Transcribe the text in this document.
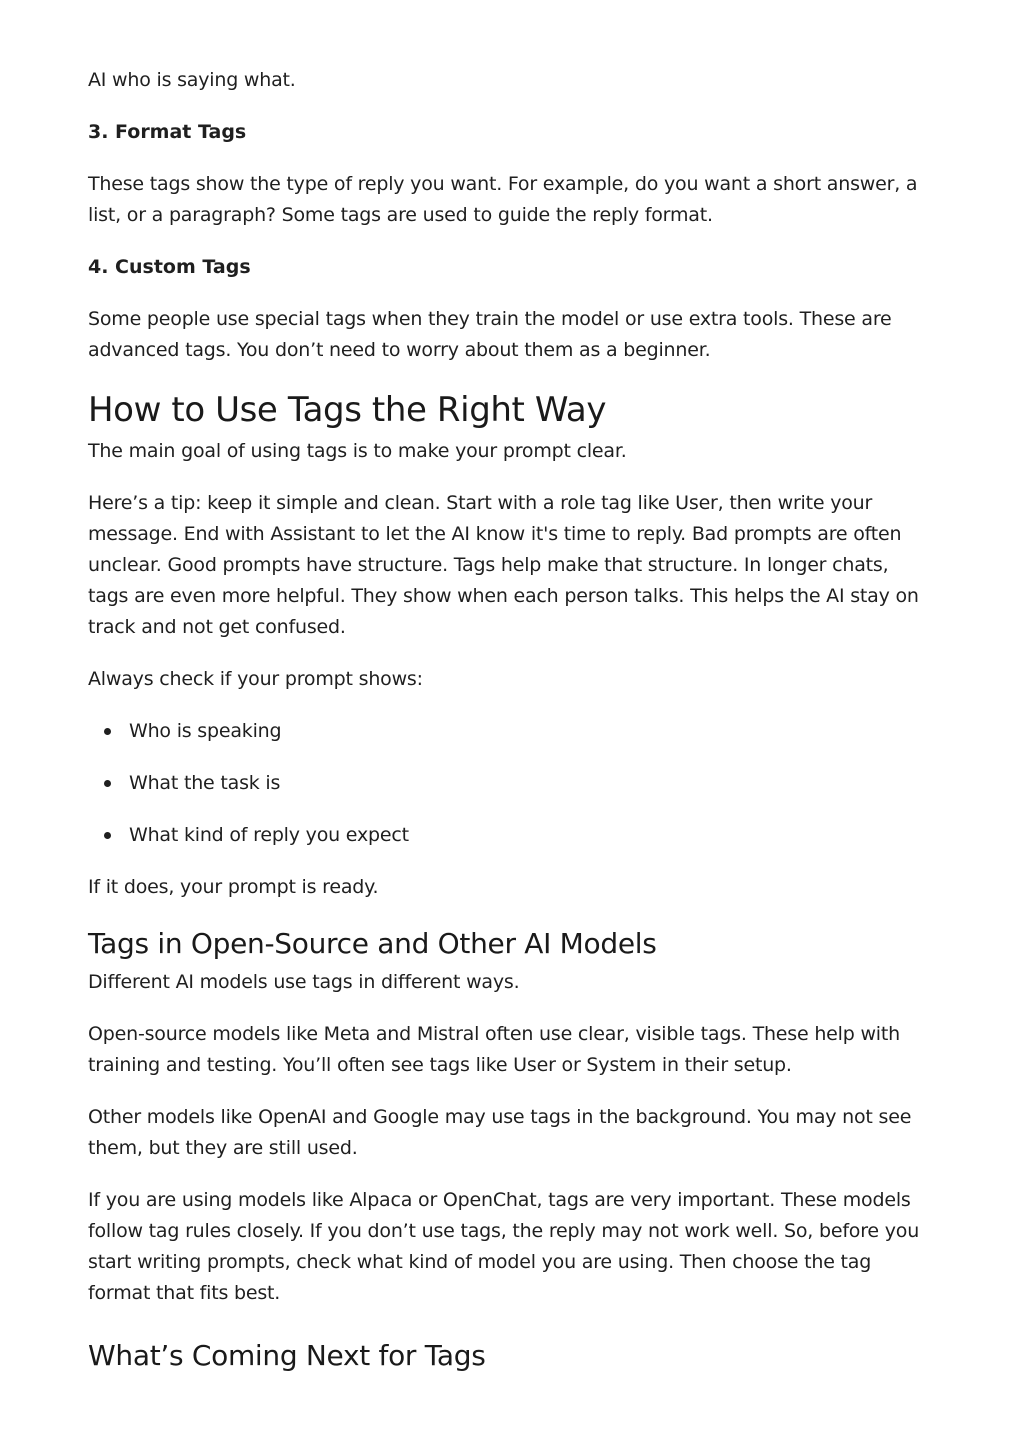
AI who is saying what.

3. Format Tags

These tags show the type of reply you want. For example, do you want a short answer, a list, or a paragraph? Some tags are used to guide the reply format.

4. Custom Tags

Some people use special tags when they train the model or use extra tools. These are advanced tags. You don’t need to worry about them as a beginner.

How to Use Tags the Right Way

The main goal of using tags is to make your prompt clear.

Here’s a tip: keep it simple and clean. Start with a role tag like User, then write your message. End with Assistant to let the AI know it's time to reply. Bad prompts are often unclear. Good prompts have structure. Tags help make that structure. In longer chats, tags are even more helpful. They show when each person talks. This helps the AI stay on track and not get confused.

Always check if your prompt shows:

Who is speaking
What the task is
What kind of reply you expect

If it does, your prompt is ready.

Tags in Open-Source and Other AI Models

Different AI models use tags in different ways.

Open-source models like Meta and Mistral often use clear, visible tags. These help with training and testing. You’ll often see tags like User or System in their setup.

Other models like OpenAI and Google may use tags in the background. You may not see them, but they are still used.

If you are using models like Alpaca or OpenChat, tags are very important. These models follow tag rules closely. If you don’t use tags, the reply may not work well. So, before you start writing prompts, check what kind of model you are using. Then choose the tag format that fits best.

What’s Coming Next for Tags
